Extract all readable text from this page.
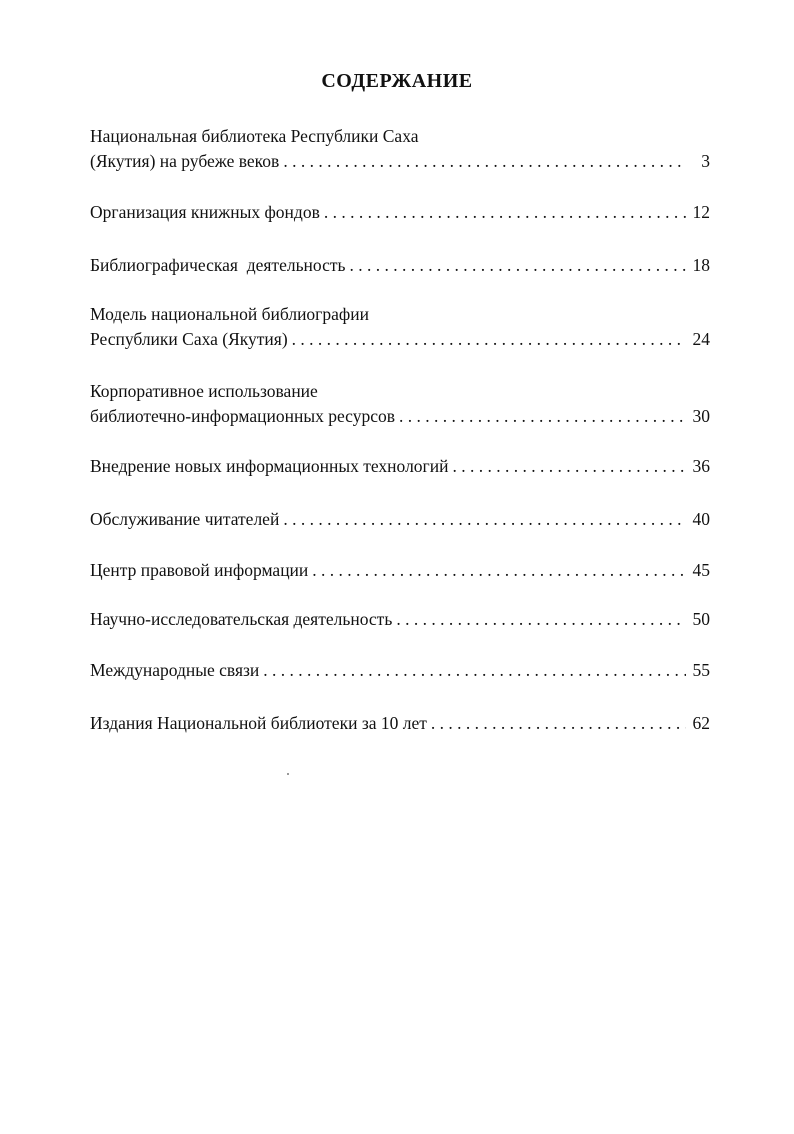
СОДЕРЖАНИЕ
Национальная библиотека Республики Саха
(Якутия) на рубеже веков . . .	3
Организация книжных фондов . . .	12
Библиографическая  деятельность . . .	18
Модель национальной библиографии
Республики Саха (Якутия) . . .	24
Корпоративное использование
библиотечно-информационных ресурсов . . .	30
Внедрение новых информационных технологий . . .	36
Обслуживание читателей . . .	40
Центр правовой информации . . .	45
Научно-исследовательская деятельность . . .	50
Международные связи . . .	55
Издания Национальной библиотеки за 10 лет . . .	62
